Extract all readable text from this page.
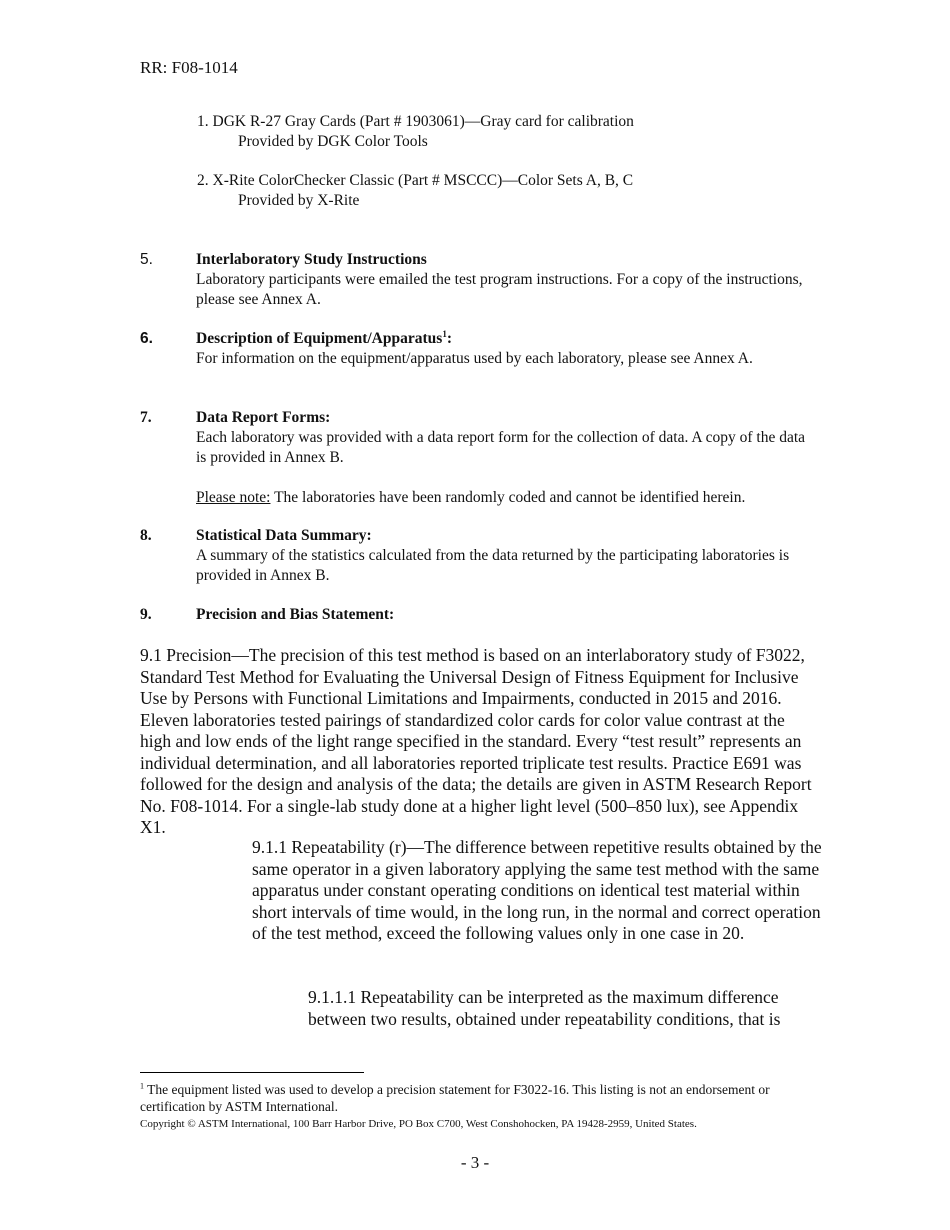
RR: F08-1014
1. DGK R-27 Gray Cards (Part # 1903061)—Gray card for calibration
Provided by DGK Color Tools
2. X-Rite ColorChecker Classic (Part # MSCCC)—Color Sets A, B, C
Provided by X-Rite
5.	Interlaboratory Study Instructions
Laboratory participants were emailed the test program instructions. For a copy of the instructions, please see Annex A.
6.	Description of Equipment/Apparatus$^1$:
For information on the equipment/apparatus used by each laboratory, please see Annex A.
7.	Data Report Forms:
Each laboratory was provided with a data report form for the collection of data. A copy of the data is provided in Annex B.
Please note: The laboratories have been randomly coded and cannot be identified herein.
8.	Statistical Data Summary:
A summary of the statistics calculated from the data returned by the participating laboratories is provided in Annex B.
9.	Precision and Bias Statement:
9.1 Precision—The precision of this test method is based on an interlaboratory study of F3022, Standard Test Method for Evaluating the Universal Design of Fitness Equipment for Inclusive Use by Persons with Functional Limitations and Impairments, conducted in 2015 and 2016. Eleven laboratories tested pairings of standardized color cards for color value contrast at the high and low ends of the light range specified in the standard. Every “test result” represents an individual determination, and all laboratories reported triplicate test results. Practice E691 was followed for the design and analysis of the data; the details are given in ASTM Research Report No. F08-1014. For a single-lab study done at a higher light level (500–850 lux), see Appendix X1.
9.1.1 Repeatability (r)—The difference between repetitive results obtained by the same operator in a given laboratory applying the same test method with the same apparatus under constant operating conditions on identical test material within short intervals of time would, in the long run, in the normal and correct operation of the test method, exceed the following values only in one case in 20.
9.1.1.1 Repeatability can be interpreted as the maximum difference between two results, obtained under repeatability conditions, that is
$^1$ The equipment listed was used to develop a precision statement for F3022-16. This listing is not an endorsement or certification by ASTM International.
Copyright © ASTM International, 100 Barr Harbor Drive, PO Box C700, West Conshohocken, PA 19428-2959, United States.
- 3 -
